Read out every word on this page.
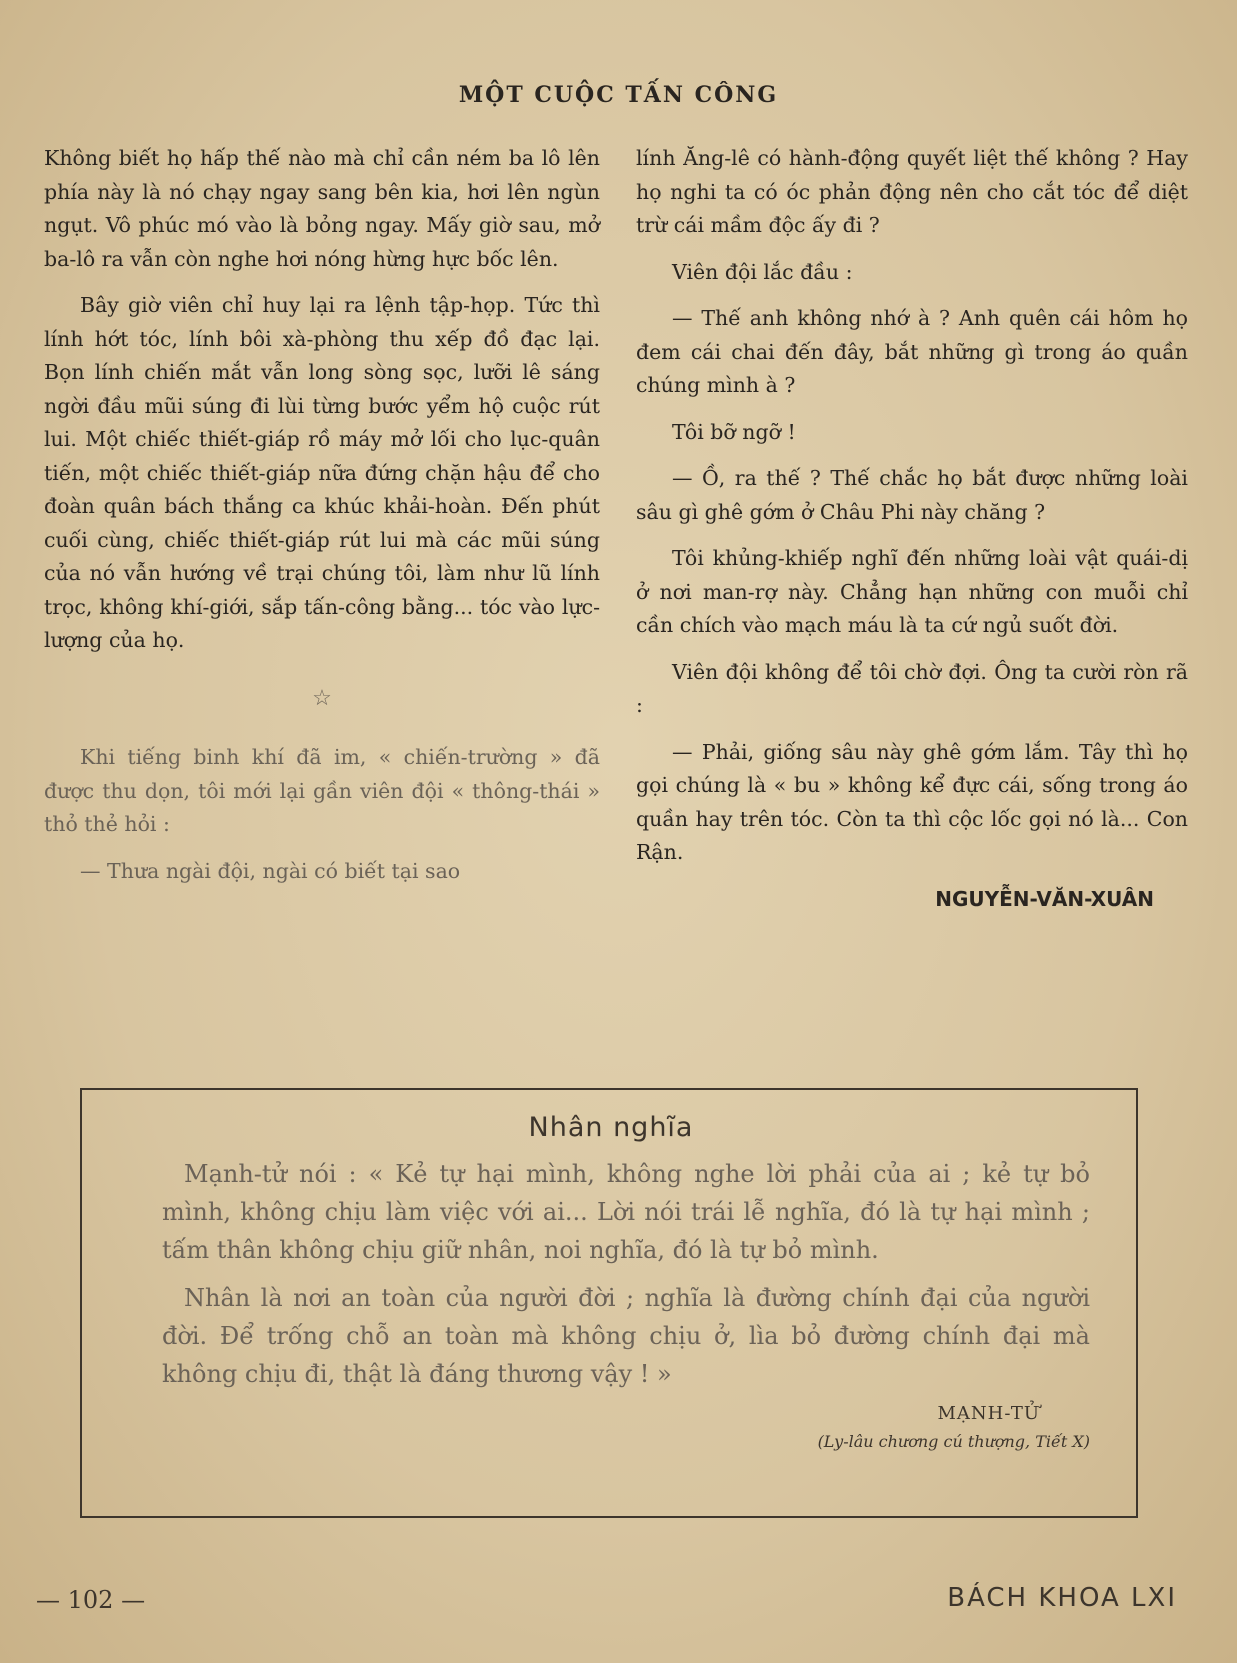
MỘT CUỘC TẤN CÔNG

Không biết họ hấp thế nào mà chỉ cần ném ba lô lên phía này là nó chạy ngay sang bên kia, hơi lên ngùn ngụt. Vô phúc mó vào là bỏng ngay. Mấy giờ sau, mở ba-lô ra vẫn còn nghe hơi nóng hừng hực bốc lên.

Bây giờ viên chỉ huy lại ra lệnh tập-họp. Tức thì lính hớt tóc, lính bôi xà-phòng thu xếp đồ đạc lại. Bọn lính chiến mắt vẫn long sòng sọc, lưỡi lê sáng ngời đầu mũi súng đi lùi từng bước yểm hộ cuộc rút lui. Một chiếc thiết-giáp rồ máy mở lối cho lục-quân tiến, một chiếc thiết-giáp nữa đứng chặn hậu để cho đoàn quân bách thắng ca khúc khải-hoàn. Đến phút cuối cùng, chiếc thiết-giáp rút lui mà các mũi súng của nó vẫn hướng về trại chúng tôi, làm như lũ lính trọc, không khí-giới, sắp tấn-công bằng... tóc vào lực-lượng của họ.

☆

Khi tiếng binh khí đã im, « chiến-trường » đã được thu dọn, tôi mới lại gần viên đội « thông-thái » thỏ thẻ hỏi :

— Thưa ngài đội, ngài có biết tại sao

lính Ăng-lê có hành-động quyết liệt thế không ? Hay họ nghi ta có óc phản động nên cho cắt tóc để diệt trừ cái mầm độc ấy đi ?

Viên đội lắc đầu :

— Thế anh không nhớ à ? Anh quên cái hôm họ đem cái chai đến đây, bắt những gì trong áo quần chúng mình à ?

Tôi bỡ ngỡ !

— Ồ, ra thế ? Thế chắc họ bắt được những loài sâu gì ghê gớm ở Châu Phi này chăng ?

Tôi khủng-khiếp nghĩ đến những loài vật quái-dị ở nơi man-rợ này. Chẳng hạn những con muỗi chỉ cần chích vào mạch máu là ta cứ ngủ suốt đời.

Viên đội không để tôi chờ đợi. Ông ta cười ròn rã :

— Phải, giống sâu này ghê gớm lắm. Tây thì họ gọi chúng là « bu » không kể đực cái, sống trong áo quần hay trên tóc. Còn ta thì cộc lốc gọi nó là... Con Rận.

NGUYỄN-VĂN-XUÂN
Nhân nghĩa

Mạnh-tử nói : « Kẻ tự hại mình, không nghe lời phải của ai ; kẻ tự bỏ mình, không chịu làm việc với ai... Lời nói trái lễ nghĩa, đó là tự hại mình ; tấm thân không chịu giữ nhân, noi nghĩa, đó là tự bỏ mình.

Nhân là nơi an toàn của người đời ; nghĩa là đường chính đại của người đời. Để trống chỗ an toàn mà không chịu ở, lìa bỏ đường chính đại mà không chịu đi, thật là đáng thương vậy ! »

MẠNH-TỬ
(Ly-lâu chương cú thượng, Tiết X)
— 102 —	BÁCH KHOA LXI
